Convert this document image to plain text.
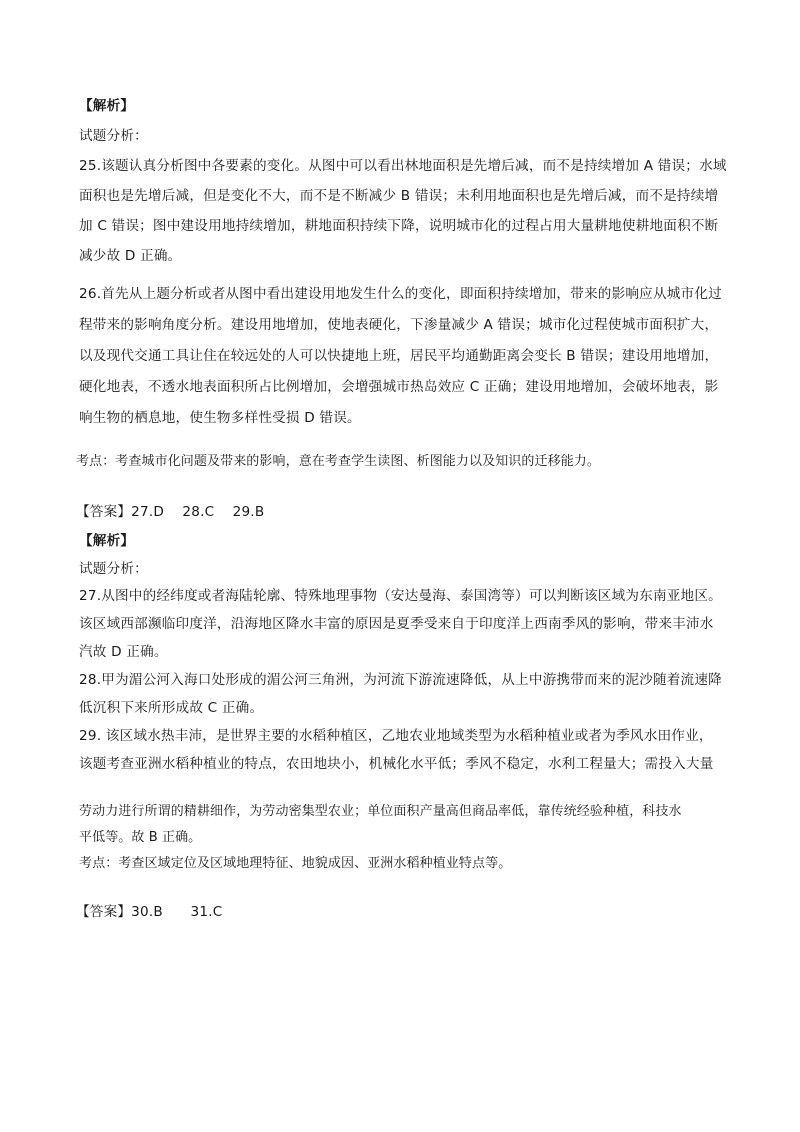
【解析】
试题分析：
25.该题认真分析图中各要素的变化。从图中可以看出林地面积是先增后减，而不是持续增加 A 错误；水域
面积也是先增后减，但是变化不大，而不是不断减少 B 错误；未利用地面积也是先增后减，而不是持续增
加 C 错误；图中建设用地持续增加，耕地面积持续下降，说明城市化的过程占用大量耕地使耕地面积不断
减少故 D 正确。
26.首先从上题分析或者从图中看出建设用地发生什么的变化，即面积持续增加，带来的影响应从城市化过
程带来的影响角度分析。建设用地增加，使地表硬化，下渗量减少 A 错误；城市化过程使城市面积扩大，
以及现代交通工具让住在较远处的人可以快捷地上班，居民平均通勤距离会变长 B 错误；建设用地增加，
硬化地表，不透水地表面积所占比例增加，会增强城市热岛效应 C 正确；建设用地增加，会破坏地表，影
响生物的栖息地，使生物多样性受损 D 错误。
考点：考查城市化问题及带来的影响，意在考查学生读图、析图能力以及知识的迁移能力。
【答案】27.D　 28.C　 29.B
【解析】
试题分析：
27.从图中的经纬度或者海陆轮廓、特殊地理事物（安达曼海、泰国湾等）可以判断该区域为东南亚地区。
该区域西部濒临印度洋，沿海地区降水丰富的原因是夏季受来自于印度洋上西南季风的影响，带来丰沛水
汽故 D 正确。
28.甲为湄公河入海口处形成的湄公河三角洲，为河流下游流速降低，从上中游携带而来的泥沙随着流速降
低沉积下来所形成故 C 正确。
29. 该区域水热丰沛，是世界主要的水稻种植区，乙地农业地域类型为水稻种植业或者为季风水田作业，
该题考查亚洲水稻种植业的特点，农田地块小，机械化水平低；季风不稳定，水利工程量大；需投入大量
劳动力进行所谓的精耕细作，为劳动密集型农业；单位面积产量高但商品率低，靠传统经验种植，科技水
平低等。故 B 正确。
考点：考查区域定位及区域地理特征、地貌成因、亚洲水稻种植业特点等。
【答案】30.B　　31.C
